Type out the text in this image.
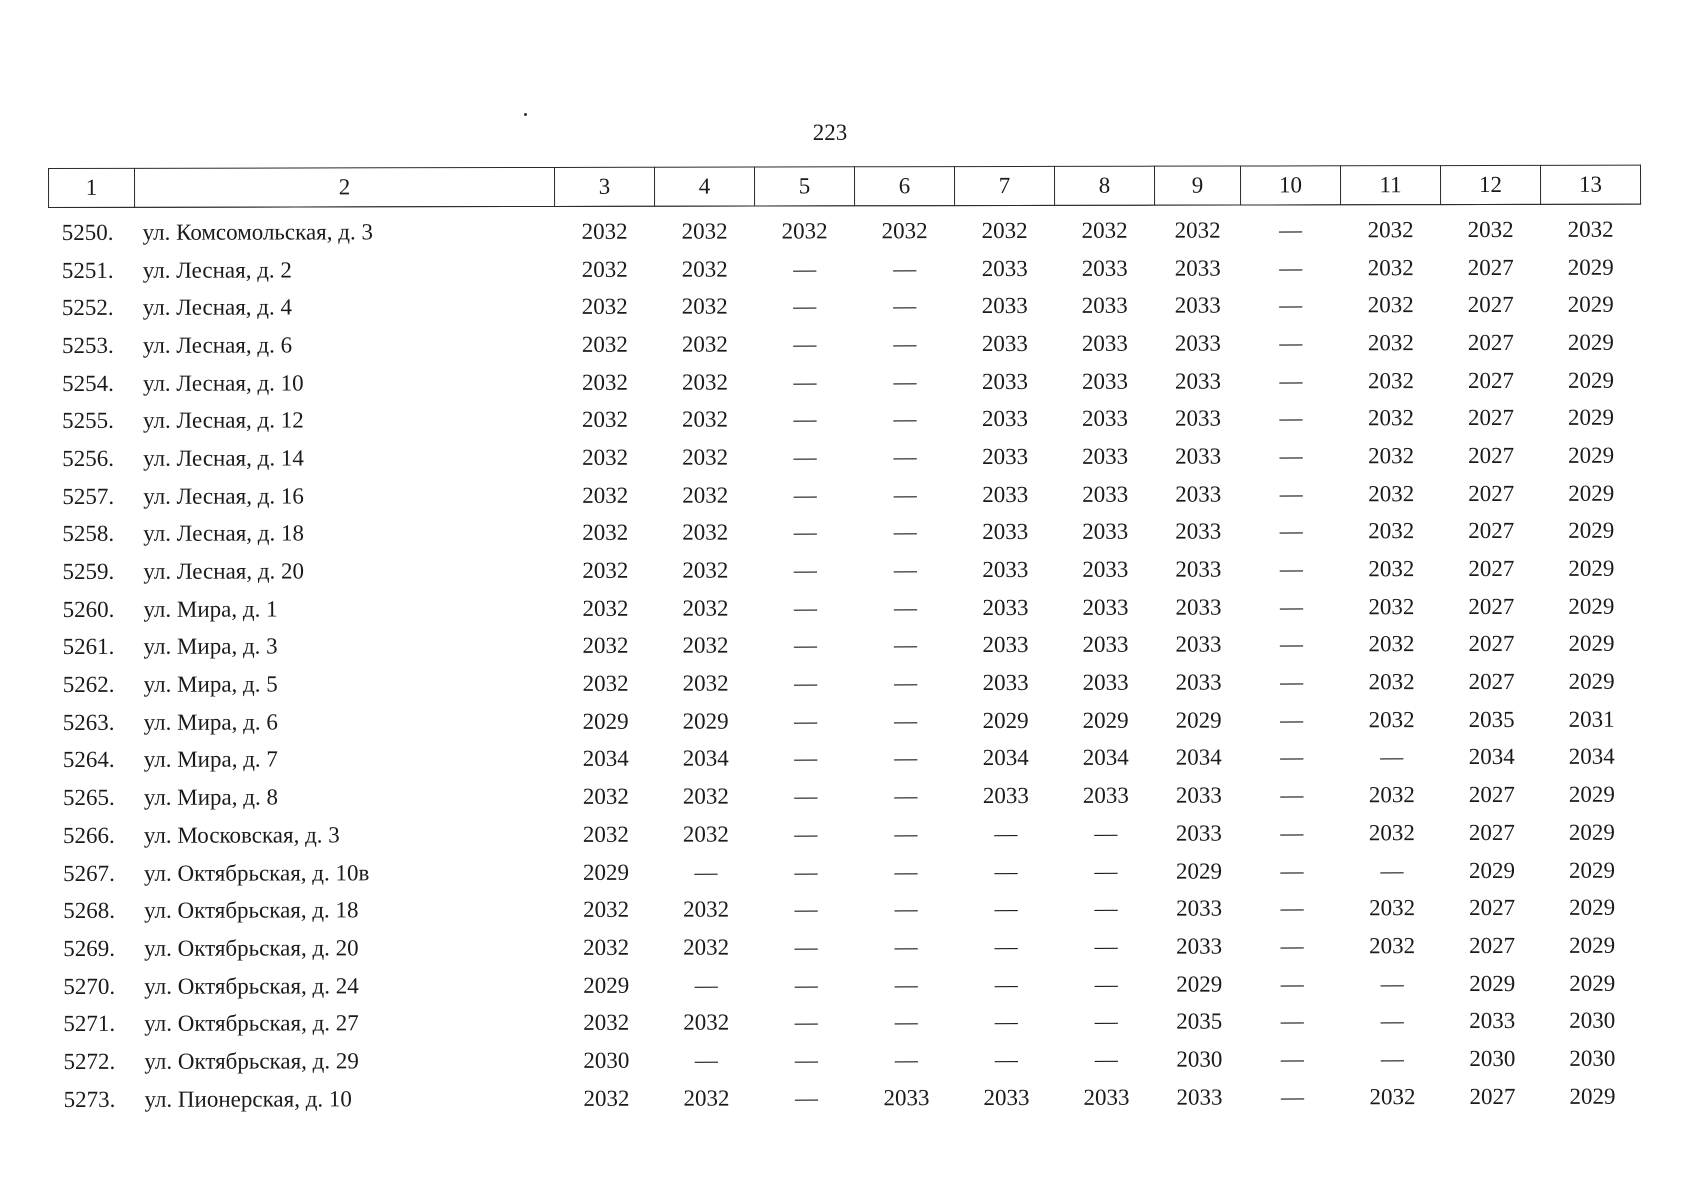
223
1	2	3	4	5	6	7	8	9	10	11	12	13
5250.	ул. Комсомольская, д. 3	2032	2032	2032	2032	2032	2032	2032	—	2032	2032	2032
5251.	ул. Лесная, д. 2	2032	2032	—	—	2033	2033	2033	—	2032	2027	2029
5252.	ул. Лесная, д. 4	2032	2032	—	—	2033	2033	2033	—	2032	2027	2029
5253.	ул. Лесная, д. 6	2032	2032	—	—	2033	2033	2033	—	2032	2027	2029
5254.	ул. Лесная, д. 10	2032	2032	—	—	2033	2033	2033	—	2032	2027	2029
5255.	ул. Лесная, д. 12	2032	2032	—	—	2033	2033	2033	—	2032	2027	2029
5256.	ул. Лесная, д. 14	2032	2032	—	—	2033	2033	2033	—	2032	2027	2029
5257.	ул. Лесная, д. 16	2032	2032	—	—	2033	2033	2033	—	2032	2027	2029
5258.	ул. Лесная, д. 18	2032	2032	—	—	2033	2033	2033	—	2032	2027	2029
5259.	ул. Лесная, д. 20	2032	2032	—	—	2033	2033	2033	—	2032	2027	2029
5260.	ул. Мира, д. 1	2032	2032	—	—	2033	2033	2033	—	2032	2027	2029
5261.	ул. Мира, д. 3	2032	2032	—	—	2033	2033	2033	—	2032	2027	2029
5262.	ул. Мира, д. 5	2032	2032	—	—	2033	2033	2033	—	2032	2027	2029
5263.	ул. Мира, д. 6	2029	2029	—	—	2029	2029	2029	—	2032	2035	2031
5264.	ул. Мира, д. 7	2034	2034	—	—	2034	2034	2034	—	—	2034	2034
5265.	ул. Мира, д. 8	2032	2032	—	—	2033	2033	2033	—	2032	2027	2029
5266.	ул. Московская, д. 3	2032	2032	—	—	—	—	2033	—	2032	2027	2029
5267.	ул. Октябрьская, д. 10в	2029	—	—	—	—	—	2029	—	—	2029	2029
5268.	ул. Октябрьская, д. 18	2032	2032	—	—	—	—	2033	—	2032	2027	2029
5269.	ул. Октябрьская, д. 20	2032	2032	—	—	—	—	2033	—	2032	2027	2029
5270.	ул. Октябрьская, д. 24	2029	—	—	—	—	—	2029	—	—	2029	2029
5271.	ул. Октябрьская, д. 27	2032	2032	—	—	—	—	2035	—	—	2033	2030
5272.	ул. Октябрьская, д. 29	2030	—	—	—	—	—	2030	—	—	2030	2030
5273.	ул. Пионерская, д. 10	2032	2032	—	2033	2033	2033	2033	—	2032	2027	2029
